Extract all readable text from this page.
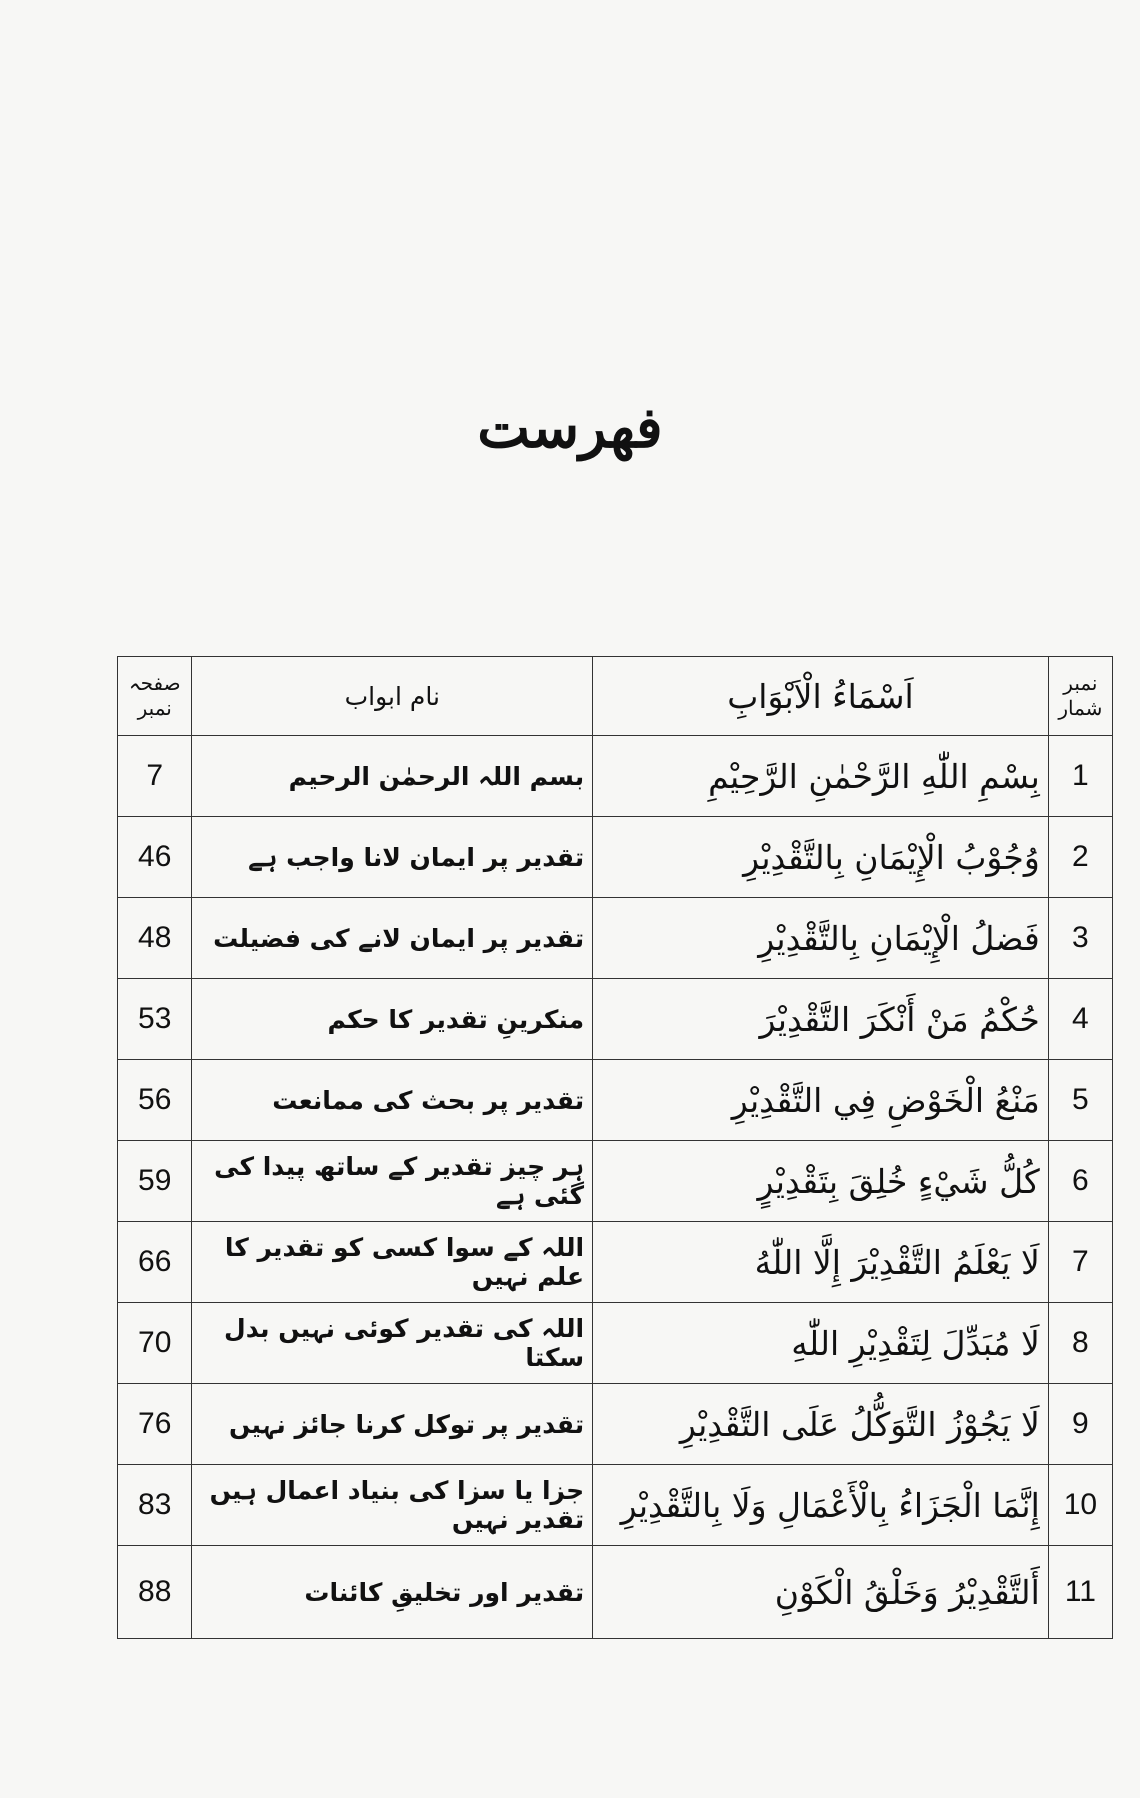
فهرست
نمبر شمار	اَسْمَاءُ الْاَبْوَابِ	نام ابواب	صفحہ نمبر
1	بِسْمِ اللّٰهِ الرَّحْمٰنِ الرَّحِيْمِ	بسم اللہ الرحمٰن الرحیم	7
2	وُجُوْبُ الْإِيْمَانِ بِالتَّقْدِيْرِ	تقدیر پر ایمان لانا واجب ہے	46
3	فَضلُ الْإِيْمَانِ بِالتَّقْدِيْرِ	تقدیر پر ایمان لانے کی فضیلت	48
4	حُكْمُ مَنْ أَنْكَرَ التَّقْدِيْرَ	منکرینِ تقدیر کا حکم	53
5	مَنْعُ الْخَوْضِ فِي التَّقْدِيْرِ	تقدیر پر بحث کی ممانعت	56
6	كُلُّ شَيْءٍ خُلِقَ بِتَقْدِيْرٍ	ہر چیز تقدیر کے ساتھ پیدا کی گئی ہے	59
7	لَا يَعْلَمُ التَّقْدِيْرَ إِلَّا اللّٰهُ	اللہ کے سوا کسی کو تقدیر کا علم نہیں	66
8	لَا مُبَدِّلَ لِتَقْدِيْرِ اللّٰهِ	اللہ کی تقدیر کوئی نہیں بدل سکتا	70
9	لَا يَجُوْزُ التَّوَكُّلُ عَلَى التَّقْدِيْرِ	تقدیر پر توکل کرنا جائز نہیں	76
10	إِنَّمَا الْجَزَاءُ بِالْأَعْمَالِ وَلَا بِالتَّقْدِيْرِ	جزا یا سزا کی بنیاد اعمال ہیں تقدیر نہیں	83
11	أَلتَّقْدِيْرُ وَخَلْقُ الْكَوْنِ	تقدیر اور تخلیقِ کائنات	88
